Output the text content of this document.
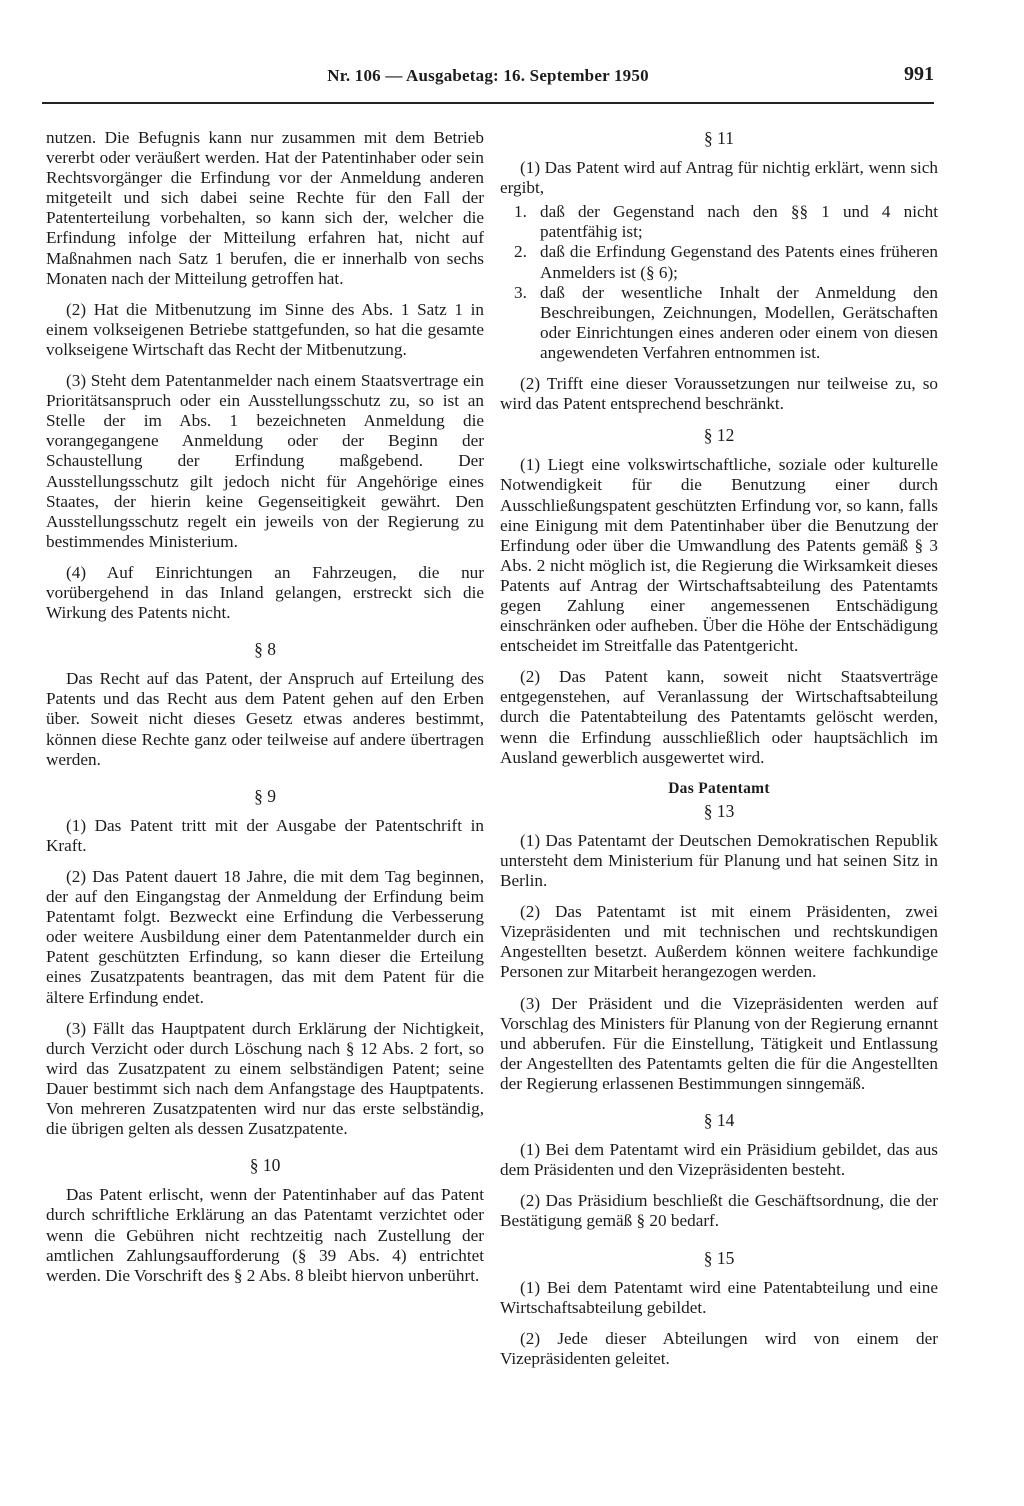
Nr. 106 — Ausgabetag: 16. September 1950	991

nutzen. Die Befugnis kann nur zusammen mit dem Betrieb vererbt oder veräußert werden. Hat der Patentinhaber oder sein Rechtsvorgänger die Erfindung vor der Anmeldung anderen mitgeteilt und sich dabei seine Rechte für den Fall der Patenterteilung vorbehalten, so kann sich der, welcher die Erfindung infolge der Mitteilung erfahren hat, nicht auf Maßnahmen nach Satz 1 berufen, die er innerhalb von sechs Monaten nach der Mitteilung getroffen hat.

(2) Hat die Mitbenutzung im Sinne des Abs. 1 Satz 1 in einem volkseigenen Betriebe stattgefunden, so hat die gesamte volkseigene Wirtschaft das Recht der Mitbenutzung.

(3) Steht dem Patentanmelder nach einem Staatsvertrage ein Prioritätsanspruch oder ein Ausstellungsschutz zu, so ist an Stelle der im Abs. 1 bezeichneten Anmeldung die vorangegangene Anmeldung oder der Beginn der Schaustellung der Erfindung maßgebend. Der Ausstellungsschutz gilt jedoch nicht für Angehörige eines Staates, der hierin keine Gegenseitigkeit gewährt. Den Ausstellungsschutz regelt ein jeweils von der Regierung zu bestimmendes Ministerium.

(4) Auf Einrichtungen an Fahrzeugen, die nur vorübergehend in das Inland gelangen, erstreckt sich die Wirkung des Patents nicht.

§ 8

Das Recht auf das Patent, der Anspruch auf Erteilung des Patents und das Recht aus dem Patent gehen auf den Erben über. Soweit nicht dieses Gesetz etwas anderes bestimmt, können diese Rechte ganz oder teilweise auf andere übertragen werden.

§ 9

(1) Das Patent tritt mit der Ausgabe der Patentschrift in Kraft.

(2) Das Patent dauert 18 Jahre, die mit dem Tag beginnen, der auf den Eingangstag der Anmeldung der Erfindung beim Patentamt folgt. Bezweckt eine Erfindung die Verbesserung oder weitere Ausbildung einer dem Patentanmelder durch ein Patent geschützten Erfindung, so kann dieser die Erteilung eines Zusatzpatents beantragen, das mit dem Patent für die ältere Erfindung endet.

(3) Fällt das Hauptpatent durch Erklärung der Nichtigkeit, durch Verzicht oder durch Löschung nach § 12 Abs. 2 fort, so wird das Zusatzpatent zu einem selbständigen Patent; seine Dauer bestimmt sich nach dem Anfangstage des Hauptpatents. Von mehreren Zusatzpatenten wird nur das erste selbständig, die übrigen gelten als dessen Zusatzpatente.

§ 10

Das Patent erlischt, wenn der Patentinhaber auf das Patent durch schriftliche Erklärung an das Patentamt verzichtet oder wenn die Gebühren nicht rechtzeitig nach Zustellung der amtlichen Zahlungsaufforderung (§ 39 Abs. 4) entrichtet werden. Die Vorschrift des § 2 Abs. 8 bleibt hiervon unberührt.

§ 11

(1) Das Patent wird auf Antrag für nichtig erklärt, wenn sich ergibt,

1. daß der Gegenstand nach den §§ 1 und 4 nicht patentfähig ist;
2. daß die Erfindung Gegenstand des Patents eines früheren Anmelders ist (§ 6);
3. daß der wesentliche Inhalt der Anmeldung den Beschreibungen, Zeichnungen, Modellen, Gerätschaften oder Einrichtungen eines anderen oder einem von diesen angewendeten Verfahren entnommen ist.

(2) Trifft eine dieser Voraussetzungen nur teilweise zu, so wird das Patent entsprechend beschränkt.

§ 12

(1) Liegt eine volkswirtschaftliche, soziale oder kulturelle Notwendigkeit für die Benutzung einer durch Ausschließungspatent geschützten Erfindung vor, so kann, falls eine Einigung mit dem Patentinhaber über die Benutzung der Erfindung oder über die Umwandlung des Patents gemäß § 3 Abs. 2 nicht möglich ist, die Regierung die Wirksamkeit dieses Patents auf Antrag der Wirtschaftsabteilung des Patentamts gegen Zahlung einer angemessenen Entschädigung einschränken oder aufheben. Über die Höhe der Entschädigung entscheidet im Streitfalle das Patentgericht.

(2) Das Patent kann, soweit nicht Staatsverträge entgegenstehen, auf Veranlassung der Wirtschaftsabteilung durch die Patentabteilung des Patentamts gelöscht werden, wenn die Erfindung ausschließlich oder hauptsächlich im Ausland gewerblich ausgewertet wird.

Das Patentamt
§ 13

(1) Das Patentamt der Deutschen Demokratischen Republik untersteht dem Ministerium für Planung und hat seinen Sitz in Berlin.

(2) Das Patentamt ist mit einem Präsidenten, zwei Vizepräsidenten und mit technischen und rechtskundigen Angestellten besetzt. Außerdem können weitere fachkundige Personen zur Mitarbeit herangezogen werden.

(3) Der Präsident und die Vizepräsidenten werden auf Vorschlag des Ministers für Planung von der Regierung ernannt und abberufen. Für die Einstellung, Tätigkeit und Entlassung der Angestellten des Patentamts gelten die für die Angestellten der Regierung erlassenen Bestimmungen sinngemäß.

§ 14

(1) Bei dem Patentamt wird ein Präsidium gebildet, das aus dem Präsidenten und den Vizepräsidenten besteht.

(2) Das Präsidium beschließt die Geschäftsordnung, die der Bestätigung gemäß § 20 bedarf.

§ 15

(1) Bei dem Patentamt wird eine Patentabteilung und eine Wirtschaftsabteilung gebildet.

(2) Jede dieser Abteilungen wird von einem der Vizepräsidenten geleitet.
